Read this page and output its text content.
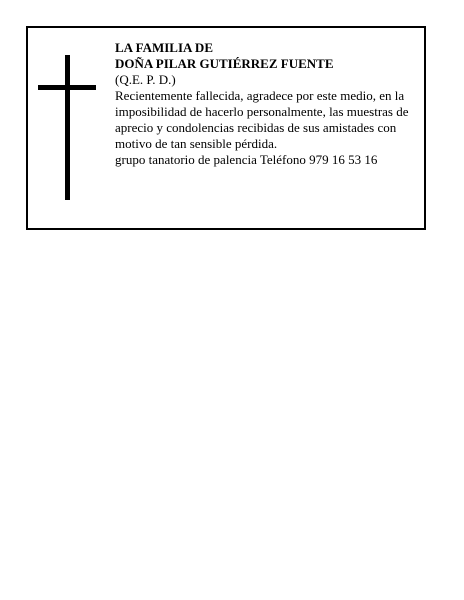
LA FAMILIA DE
DOÑA PILAR GUTIÉRREZ FUENTE
(Q.E. P. D.)
Recientemente fallecida, agradece por este medio, en la imposibilidad de hacerlo personalmente, las muestras de aprecio y condolencias recibidas de sus amistades con motivo de tan sensible pérdida.
grupo tanatorio de palencia Teléfono 979 16 53 16
